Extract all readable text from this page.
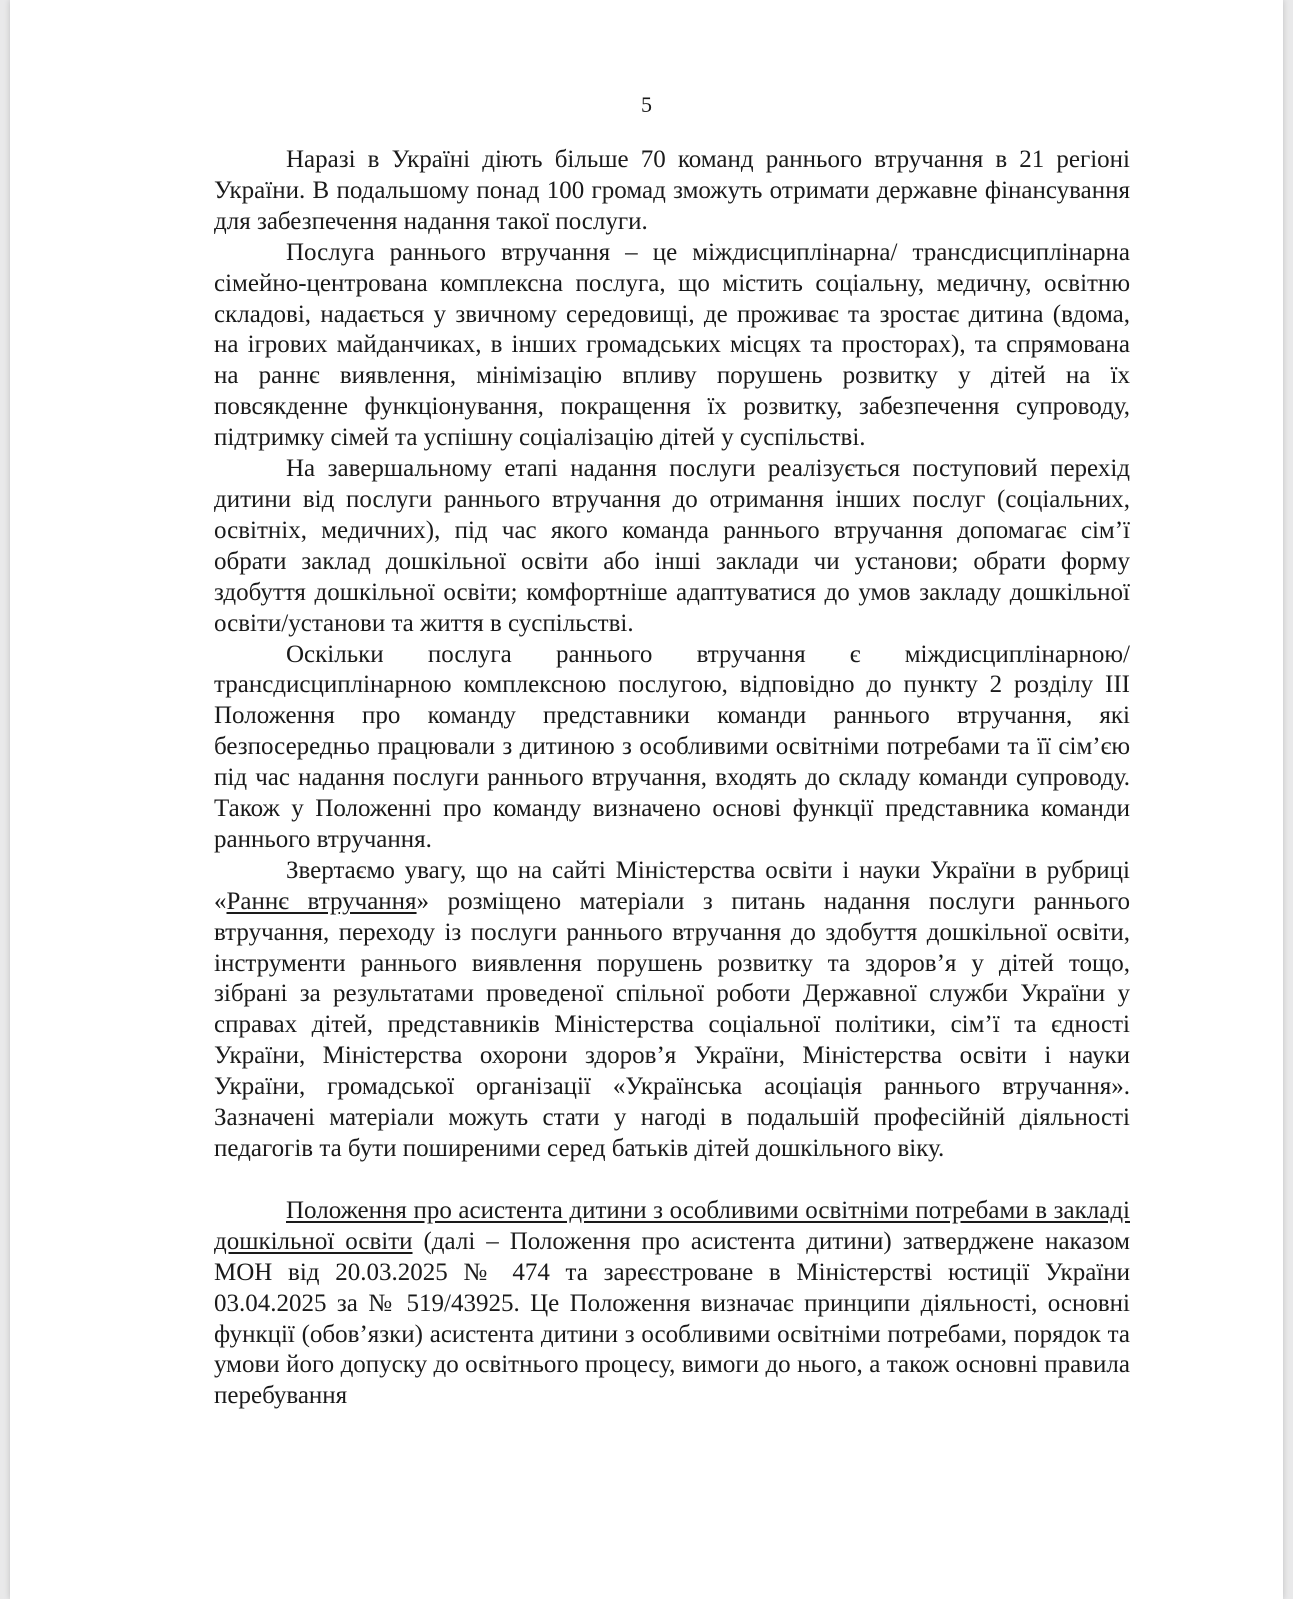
5

Наразі в Україні діють більше 70 команд раннього втручання в 21 регіоні України. В подальшому понад 100 громад зможуть отримати державне фінансування для забезпечення надання такої послуги.

Послуга раннього втручання – це міждисциплінарна/ трансдисциплінарна сімейно-центрована комплексна послуга, що містить соціальну, медичну, освітню складові, надається у звичному середовищі, де проживає та зростає дитина (вдома, на ігрових майданчиках, в інших громадських місцях та просторах), та спрямована на раннє виявлення, мінімізацію впливу порушень розвитку у дітей на їх повсякденне функціонування, покращення їх розвитку, забезпечення супроводу, підтримку сімей та успішну соціалізацію дітей у суспільстві.

На завершальному етапі надання послуги реалізується поступовий перехід дитини від послуги раннього втручання до отримання інших послуг (соціальних, освітніх, медичних), під час якого команда раннього втручання допомагає сім’ї обрати заклад дошкільної освіти або інші заклади чи установи; обрати форму здобуття дошкільної освіти; комфортніше адаптуватися до умов закладу дошкільної освіти/установи та життя в суспільстві.

Оскільки послуга раннього втручання є міждисциплінарною/ трансдисциплінарною комплексною послугою, відповідно до пункту 2 розділу ІІІ Положення про команду представники команди раннього втручання, які безпосередньо працювали з дитиною з особливими освітніми потребами та її сім’єю під час надання послуги раннього втручання, входять до складу команди супроводу. Також у Положенні про команду визначено основі функції представника команди раннього втручання.

Звертаємо увагу, що на сайті Міністерства освіти і науки України в рубриці «Раннє втручання» розміщено матеріали з питань надання послуги раннього втручання, переходу із послуги раннього втручання до здобуття дошкільної освіти, інструменти раннього виявлення порушень розвитку та здоров’я у дітей тощо, зібрані за результатами проведеної спільної роботи Державної служби України у справах дітей, представників Міністерства соціальної політики, сім’ї та єдності України, Міністерства охорони здоров’я України, Міністерства освіти і науки України, громадської організації «Українська асоціація раннього втручання». Зазначені матеріали можуть стати у нагоді в подальшій професійній діяльності педагогів та бути поширеними серед батьків дітей дошкільного віку.

Положення про асистента дитини з особливими освітніми потребами в закладі дошкільної освіти (далі – Положення про асистента дитини) затверджене наказом МОН від 20.03.2025 № 474 та зареєстроване в Міністерстві юстиції України 03.04.2025 за № 519/43925. Це Положення визначає принципи діяльності, основні функції (обов’язки) асистента дитини з особливими освітніми потребами, порядок та умови його допуску до освітнього процесу, вимоги до нього, а також основні правила перебування
